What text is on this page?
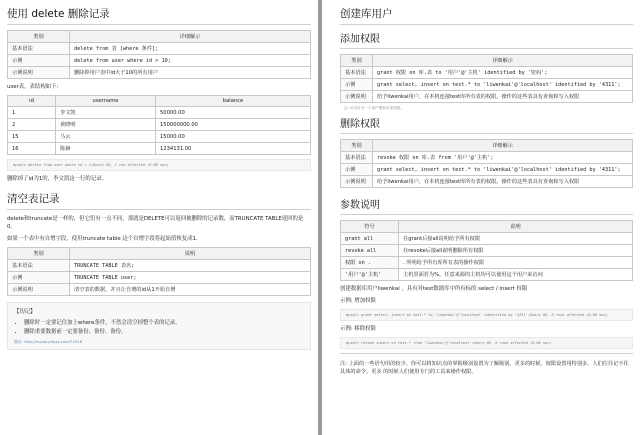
使用 delete 删除记录
类别	详细解示
基本语法	delete from 表 [where 条件];
示例	delete from user where id > 10;
示例说明	删除掉用户表中id大于10的所有用户

user表，表结构如下:

id	username	balance
1	李文凯	50000.00
2	黄晓明	150000000.00
15	马云	15000.00
16	陈赫	1234131.00
mysql> delete from user where id = 1;Query OK, 1 row affected (0.08 sec)

删除掉了id为1的，李文凯这一行的记录。

清空表记录

delete和truncate是一样的，但它们有一点不同，那就是DELETE可以返回被删除的记录数，而TRUNCATE TABLE返回的是0。

如果一个表中有自增字段，使用truncate table 这个自增字段将起始值恢复成1.

类别	说明
基本语法	TRUNCATE TABLE 表名;
示例	TRUNCATE TABLE user;
示例说明	清空表的数据，并且让自增的id从1开始自增
【切记】
• 删除时一定要记住加上where条件，不然会清空掉整个表的记录。
• 删除重要数据前一定要备份、备份、备份。
摘自: http://mysql.phpxy.com/74316
创建库用户
添加权限
类别	详细解示
基本语法	grant 权限 on 库.表 to '用户'@'主机' identified by '密码';
示例	grant select, insert on test.* to 'liwenkai'@'localhost' identified by '4311';
示例说明	给予liwenkai用户，在本机连接test库所有表的权限。操作的这些表具有查询和写入权限
注: 可以针对一个用户增加多条权限。
删除权限
类别	详细解示
基本语法	revoke 权限 on 库.表 from '用户'@'主机';
示例	grant select, insert on test.* to 'liwenkai'@'localhost' identified by '4311';
示例说明	给予liwenkai用户，在本机连接test库所有表的权限。操作的这些表具有查询和写入权限
参数说明
符号	说明
grant all	在grant后接all说明给予所有权限
revoke all	在revoke后接all说明删除所有权限
权限 on .	. 所明给予所有库所有表的操作权限
'用户'@'主机'	主机里面若为%。任意来源的主机均可以使用这个用户来访问

创建数据库用户liwenkai ，具有对test数据库中所有标的 select / insert 权限

示例: 增加权限

mysql> grant select, insert on test.* to 'liwenkai'@'localhost' identified by '4311';Query OK, 0 rows affected (0.00 sec)

示例: 移除权限

mysql> revoke insert on test.* from 'liwenkai'@'localhost';Query OK, 0 rows affected (0.00 sec)

注: 上面的一些语句用的较少。你可以将知识点的掌握级别设置为了解级别。更多的时候，权限设置用特别多，人们往往记不住具体的命令。更多 的时候人们使用专门的工具来操作权限。
